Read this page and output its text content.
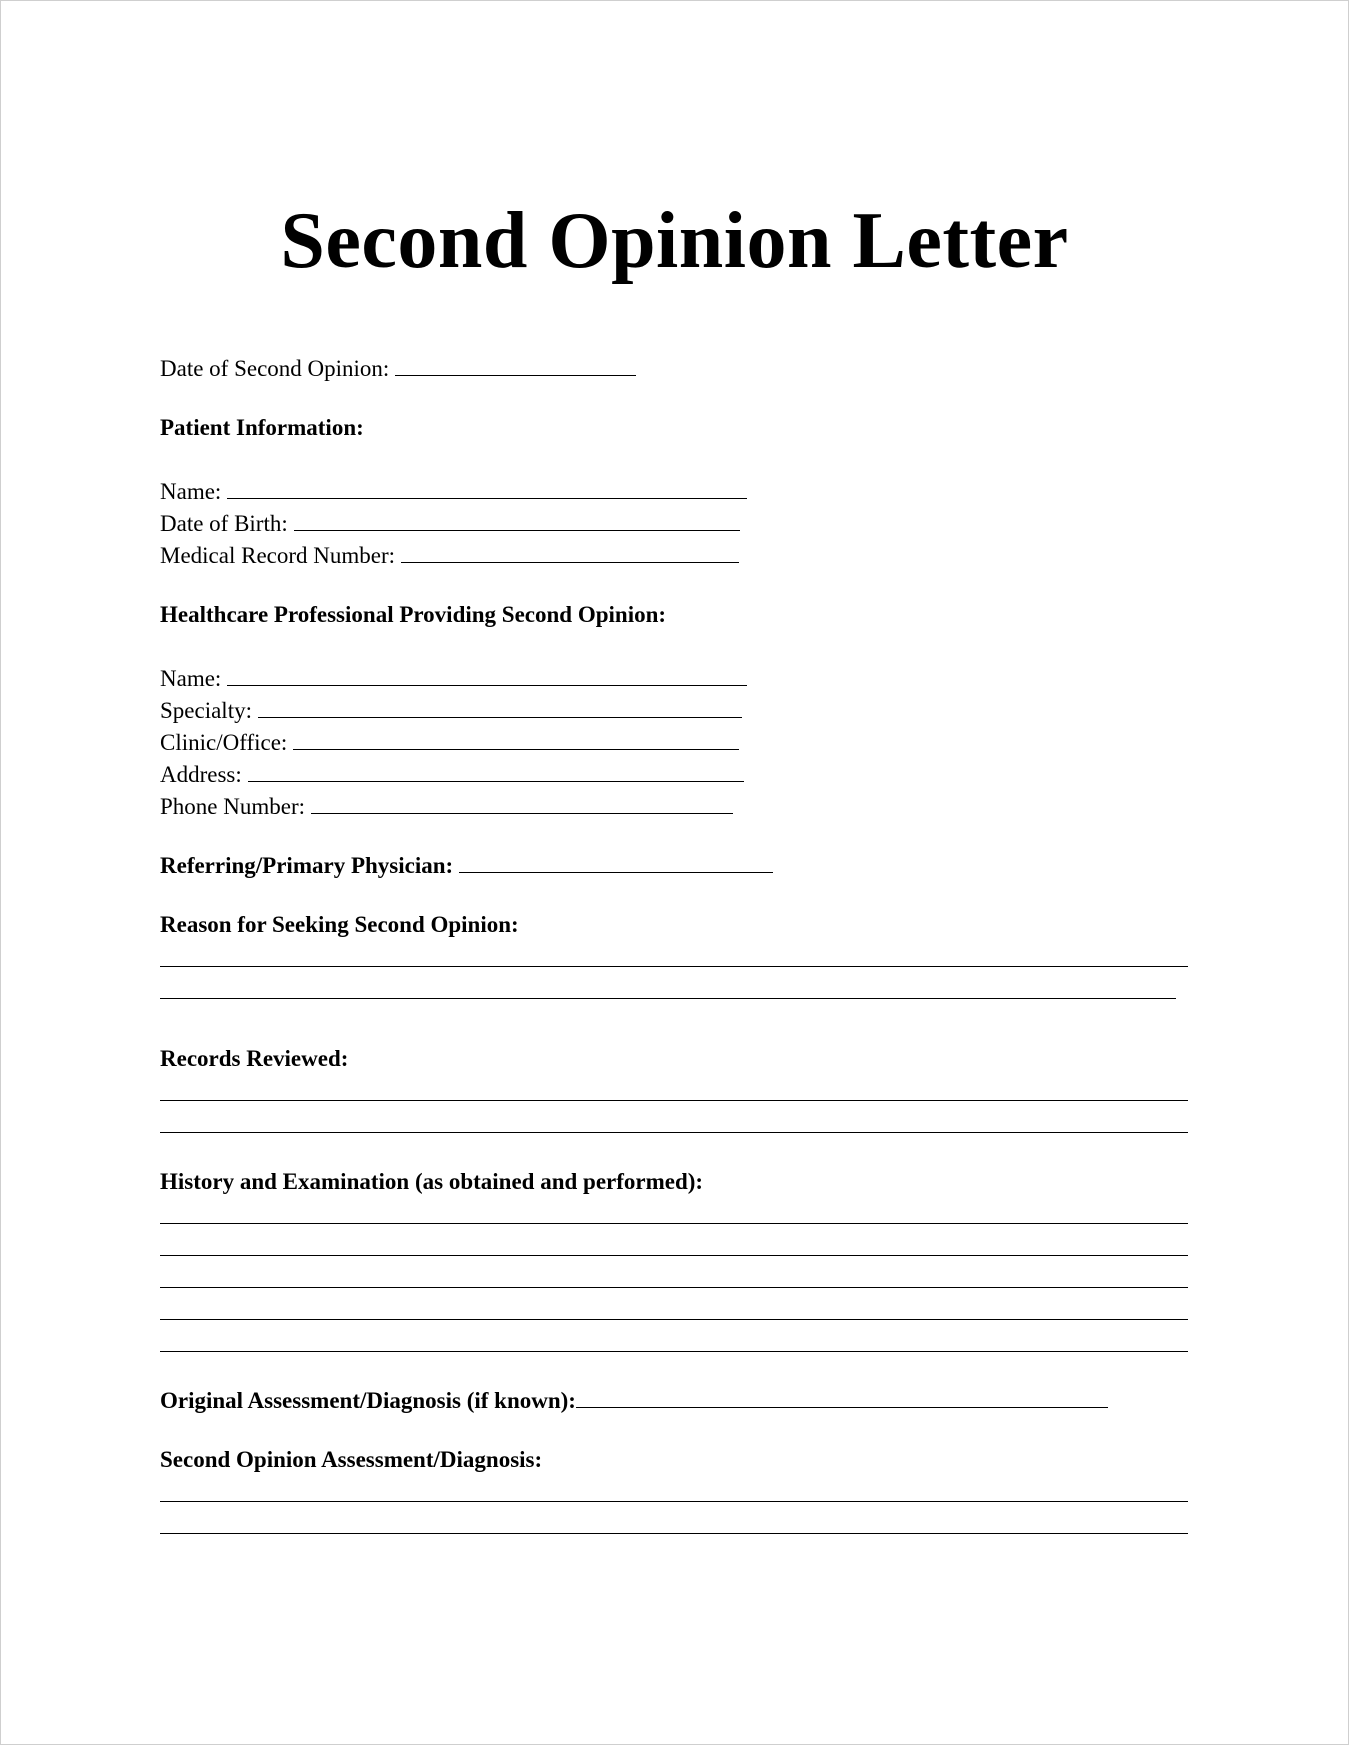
Second Opinion Letter
Date of Second Opinion:
Patient Information:
Name:
Date of Birth:
Medical Record Number:
Healthcare Professional Providing Second Opinion:
Name:
Specialty:
Clinic/Office:
Address:
Phone Number:
Referring/Primary Physician:
Reason for Seeking Second Opinion:
Records Reviewed:
History and Examination (as obtained and performed):
Original Assessment/Diagnosis (if known):
Second Opinion Assessment/Diagnosis:
